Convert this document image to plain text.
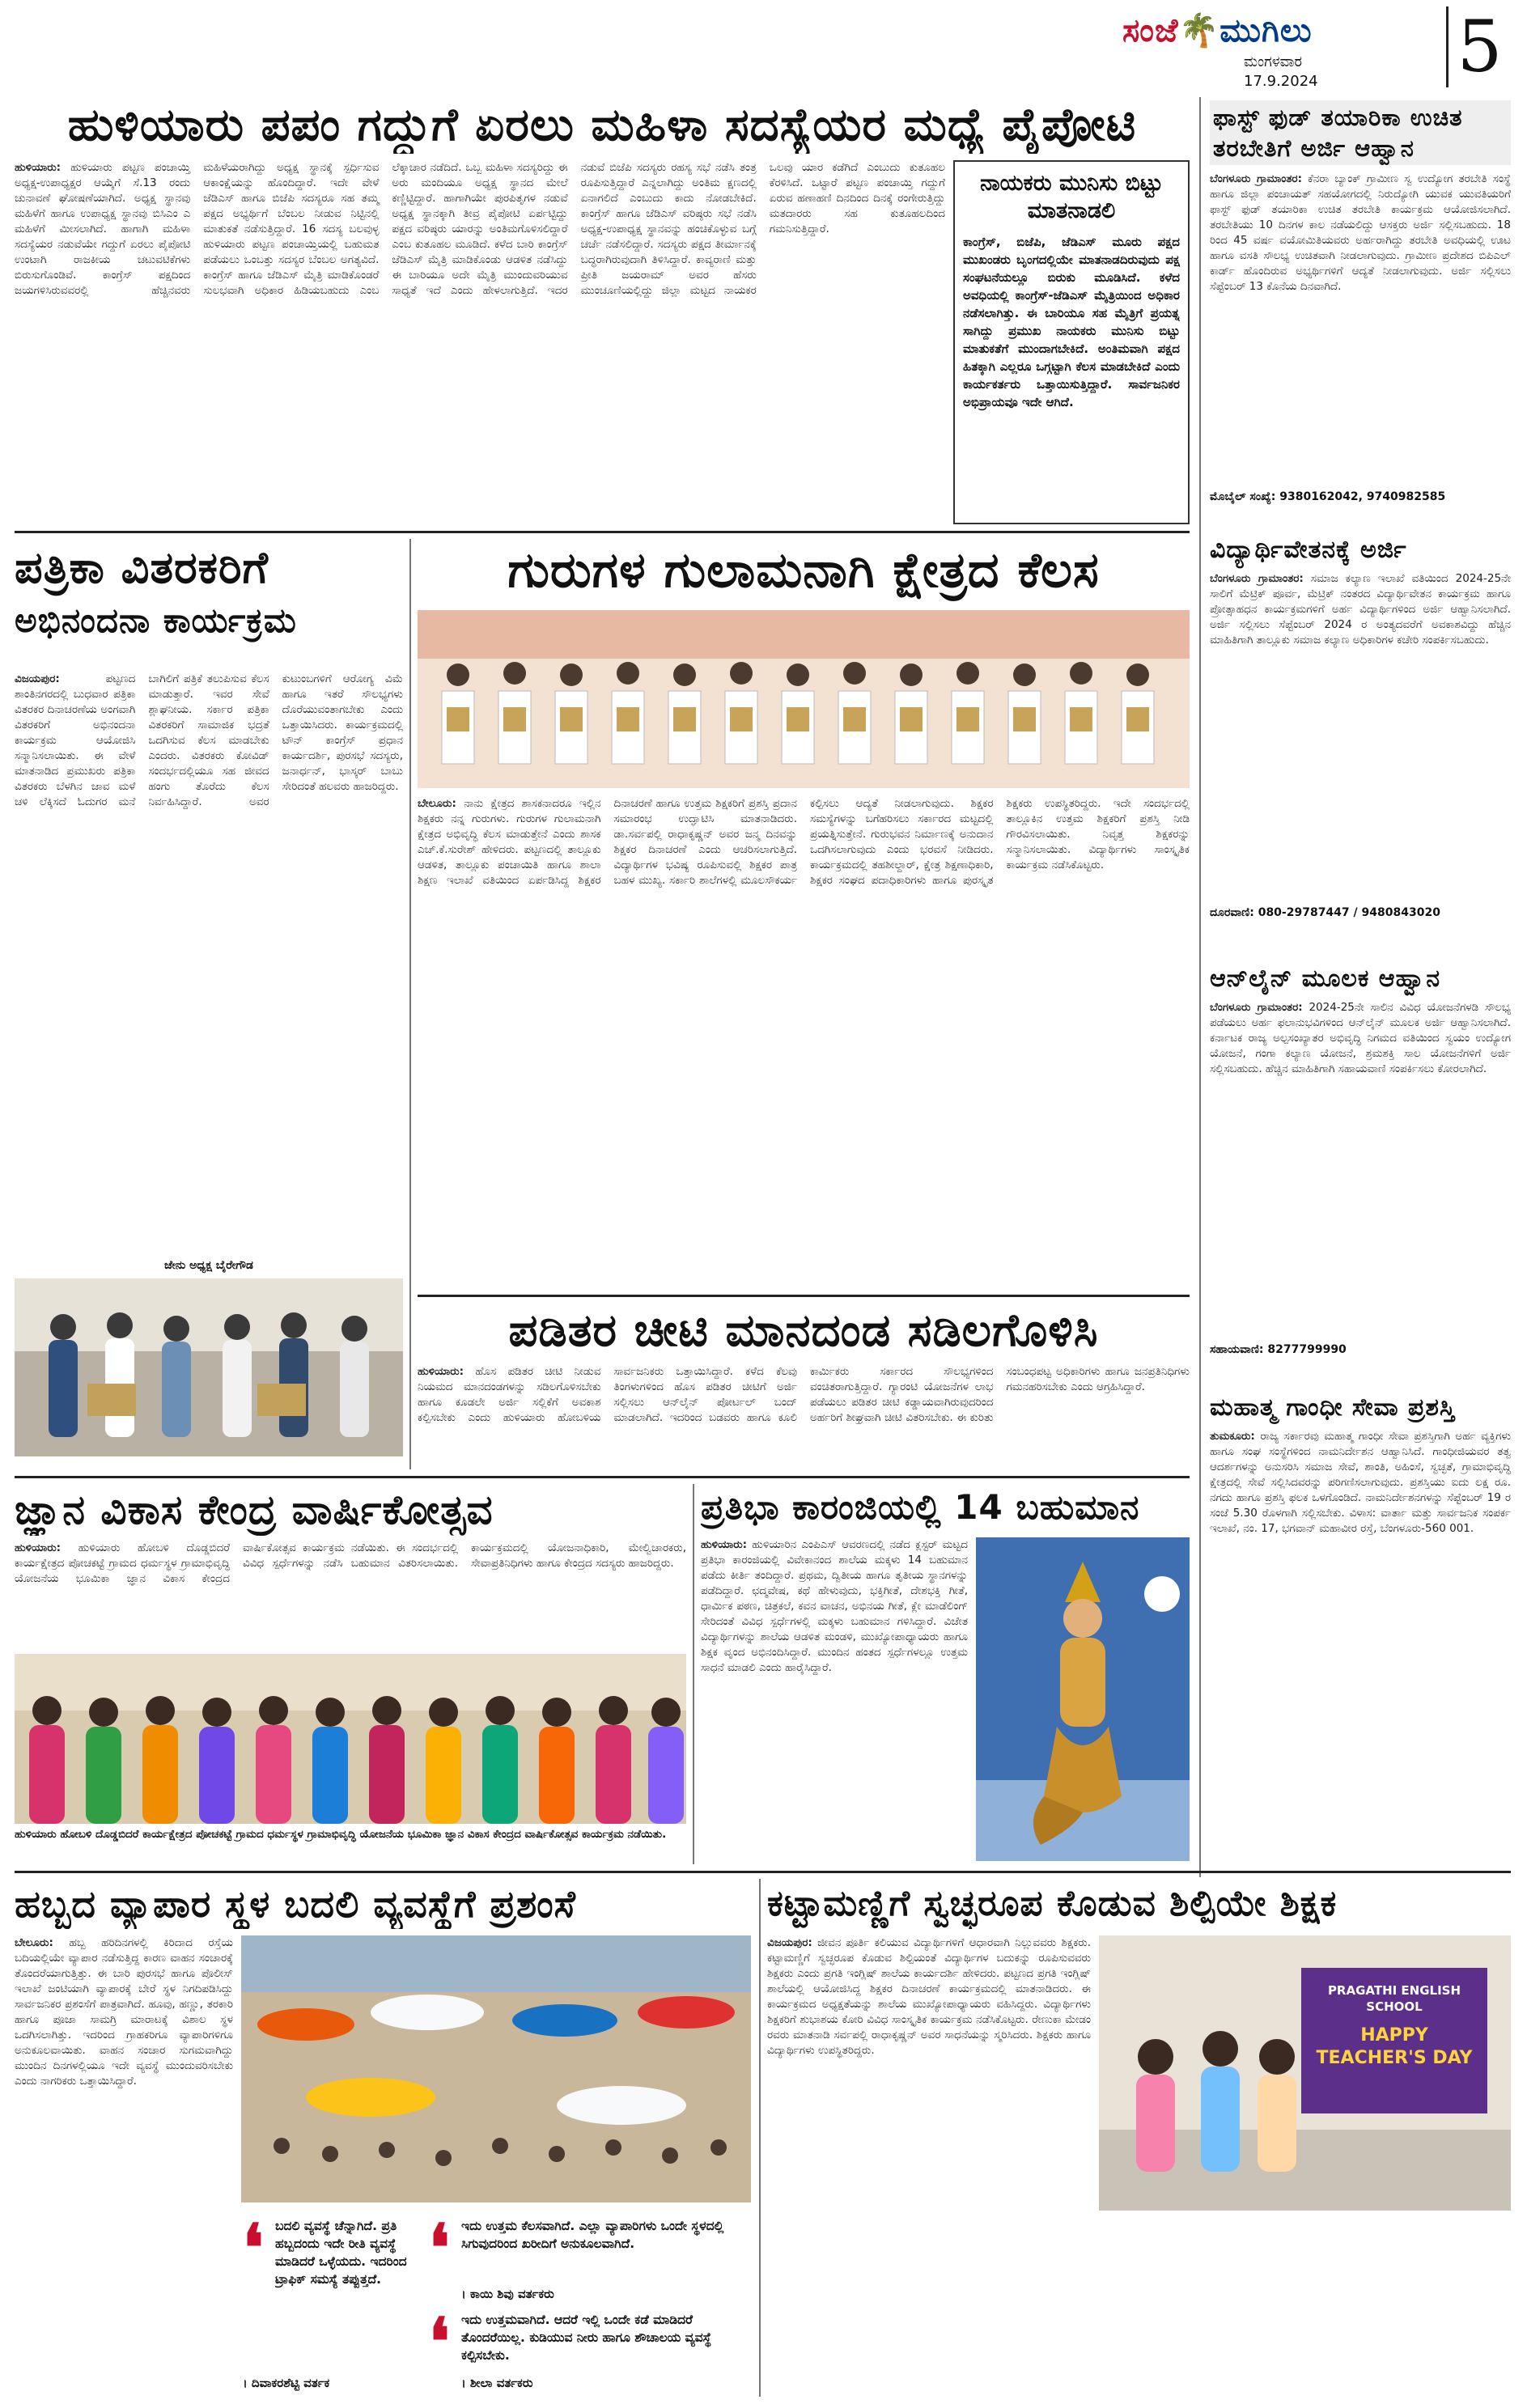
ಸಂಜೆ🌴ಮುಗಿಲು
ಮಂಗಳವಾರ
17.9.2024 5
ಹುಳಿಯಾರು ಪಪಂ ಗದ್ದುಗೆ ಏರಲು ಮಹಿಳಾ ಸದಸ್ಯೆಯರ ಮಧ್ಯೆ ಪೈಪೋಟಿ
ಹುಳಿಯಾರು: ಹುಳಿಯಾರು ಪಟ್ಟಣ ಪಂಚಾಯ್ತಿ ಅಧ್ಯಕ್ಷ-ಉಪಾಧ್ಯಕ್ಷರ ಆಯ್ಕೆಗೆ ಸೆ.13 ರಂದು ಚುನಾವಣೆ ಘೋಷಣೆಯಾಗಿದೆ. ಅಧ್ಯಕ್ಷ ಸ್ಥಾನವು ಮಹಿಳೆಗೆ ಹಾಗೂ ಉಪಾಧ್ಯಕ್ಷ ಸ್ಥಾನವು ಬಿಸಿಎಂ ಎ ಮಹಿಳೆಗೆ ಮೀಸಲಾಗಿದೆ. ಹಾಗಾಗಿ ಮಹಿಳಾ ಸದಸ್ಯೆಯರ ನಡುವೆಯೇ ಗದ್ದುಗೆ ಏರಲು ಪೈಪೋಟಿ ಉಂಟಾಗಿ ರಾಜಕೀಯ ಚಟುವಟಿಕೆಗಳು ಬಿರುಸುಗೊಂಡಿವೆ. ಕಾಂಗ್ರೆಸ್ ಪಕ್ಷದಿಂದ ಜಯಗಳಿಸಿರುವವರಲ್ಲಿ ಹೆಚ್ಚಿನವರು ಮಹಿಳೆಯರಾಗಿದ್ದು ಅಧ್ಯಕ್ಷ ಸ್ಥಾನಕ್ಕೆ ಸ್ಪರ್ಧಿಸುವ ಆಕಾಂಕ್ಷೆಯನ್ನು ಹೊಂದಿದ್ದಾರೆ. ಇದೇ ವೇಳೆ ಜೆಡಿಎಸ್ ಹಾಗೂ ಬಿಜೆಪಿ ಸದಸ್ಯರೂ ಸಹ ತಮ್ಮ ಪಕ್ಷದ ಅಭ್ಯರ್ಥಿಗೆ ಬೆಂಬಲ ನೀಡುವ ನಿಟ್ಟಿನಲ್ಲಿ ಮಾತುಕತೆ ನಡೆಸುತ್ತಿದ್ದಾರೆ. 16 ಸದಸ್ಯ ಬಲವುಳ್ಳ ಹುಳಿಯಾರು ಪಟ್ಟಣ ಪಂಚಾಯ್ತಿಯಲ್ಲಿ ಬಹುಮತ ಪಡೆಯಲು ಒಂಬತ್ತು ಸದಸ್ಯರ ಬೆಂಬಲ ಅಗತ್ಯವಿದೆ. ಕಾಂಗ್ರೆಸ್ ಹಾಗೂ ಜೆಡಿಎಸ್ ಮೈತ್ರಿ ಮಾಡಿಕೊಂಡರೆ ಸುಲಭವಾಗಿ ಅಧಿಕಾರ ಹಿಡಿಯಬಹುದು ಎಂಬ ಲೆಕ್ಕಾಚಾರ ನಡೆದಿದೆ. ಒಬ್ಬ ಮಹಿಳಾ ಸದಸ್ಯರಿದ್ದು ಈ ಅರು ಮಂದಿಯೂ ಅಧ್ಯಕ್ಷ ಸ್ಥಾನದ ಮೇಲೆ ಕಣ್ಣಿಟ್ಟಿದ್ದಾರೆ. ಹಾಗಾಗಿಯೇ ಪುರಪಿತೃಗಳ ನಡುವೆ ಅಧ್ಯಕ್ಷ ಸ್ಥಾನಕ್ಕಾಗಿ ತೀವ್ರ ಪೈಪೋಟಿ ಏರ್ಪಟ್ಟಿದ್ದು ಪಕ್ಷದ ವರಿಷ್ಠರು ಯಾರನ್ನು ಅಂತಿಮಗೊಳಿಸಲಿದ್ದಾರೆ ಎಂಬ ಕುತೂಹಲ ಮೂಡಿದೆ. ಕಳೆದ ಬಾರಿ ಕಾಂಗ್ರೆಸ್ ಜೆಡಿಎಸ್ ಮೈತ್ರಿ ಮಾಡಿಕೊಂಡು ಆಡಳಿತ ನಡೆಸಿದ್ದು ಈ ಬಾರಿಯೂ ಅದೇ ಮೈತ್ರಿ ಮುಂದುವರಿಯುವ ಸಾಧ್ಯತೆ ಇದೆ ಎಂದು ಹೇಳಲಾಗುತ್ತಿದೆ. ಇದರ ನಡುವೆ ಬಿಜೆಪಿ ಸದಸ್ಯರು ರಹಸ್ಯ ಸಭೆ ನಡೆಸಿ ತಂತ್ರ ರೂಪಿಸುತ್ತಿದ್ದಾರೆ ಎನ್ನಲಾಗಿದ್ದು ಅಂತಿಮ ಕ್ಷಣದಲ್ಲಿ ಏನಾಗಲಿದೆ ಎಂಬುದು ಕಾದು ನೋಡಬೇಕಿದೆ. ಕಾಂಗ್ರೆಸ್ ಹಾಗೂ ಜೆಡಿಎಸ್ ವರಿಷ್ಠರು ಸಭೆ ನಡೆಸಿ ಅಧ್ಯಕ್ಷ-ಉಪಾಧ್ಯಕ್ಷ ಸ್ಥಾನವನ್ನು ಹಂಚಿಕೊಳ್ಳುವ ಬಗ್ಗೆ ಚರ್ಚೆ ನಡೆಸಲಿದ್ದಾರೆ. ಸದಸ್ಯರು ಪಕ್ಷದ ತೀರ್ಮಾನಕ್ಕೆ ಬದ್ಧರಾಗಿರುವುದಾಗಿ ತಿಳಿಸಿದ್ದಾರೆ. ಕಾವ್ಯರಾಣಿ ಮತ್ತು ಪ್ರೀತಿ ಜಯರಾಮ್ ಅವರ ಹೆಸರು ಮುಂಚೂಣಿಯಲ್ಲಿದ್ದು ಜಿಲ್ಲಾ ಮಟ್ಟದ ನಾಯಕರ ಒಲವು ಯಾರ ಕಡೆಗಿದೆ ಎಂಬುದು ಕುತೂಹಲ ಕೆರಳಿಸಿದೆ. ಒಟ್ಟಾರೆ ಪಟ್ಟಣ ಪಂಚಾಯ್ತಿ ಗದ್ದುಗೆ ಏರುವ ಹಣಾಹಣಿ ದಿನದಿಂದ ದಿನಕ್ಕೆ ರಂಗೇರುತ್ತಿದ್ದು ಮತದಾರರು ಸಹ ಕುತೂಹಲದಿಂದ ಗಮನಿಸುತ್ತಿದ್ದಾರೆ.
ನಾಯಕರು ಮುನಿಸು ಬಿಟ್ಟು ಮಾತನಾಡಲಿ
ಕಾಂಗ್ರೆಸ್, ಬಿಜೆಪಿ, ಜೆಡಿಎಸ್ ಮೂರು ಪಕ್ಷದ ಮುಖಂಡರು ಬೃಂಗದಲ್ಲಿಯೇ ಮಾತನಾಡದಿರುವುದು ಪಕ್ಷ ಸಂಘಟನೆಯಲ್ಲೂ ಬಿರುಕು ಮೂಡಿಸಿದೆ. ಕಳೆದ ಅವಧಿಯಲ್ಲಿ ಕಾಂಗ್ರೆಸ್-ಜೆಡಿಎಸ್ ಮೈತ್ರಿಯಿಂದ ಅಧಿಕಾರ ನಡೆಸಲಾಗಿತ್ತು. ಈ ಬಾರಿಯೂ ಸಹ ಮೈತ್ರಿಗೆ ಪ್ರಯತ್ನ ಸಾಗಿದ್ದು ಪ್ರಮುಖ ನಾಯಕರು ಮುನಿಸು ಬಿಟ್ಟು ಮಾತುಕತೆಗೆ ಮುಂದಾಗಬೇಕಿದೆ. ಅಂತಿಮವಾಗಿ ಪಕ್ಷದ ಹಿತಕ್ಕಾಗಿ ಎಲ್ಲರೂ ಒಗ್ಗಟ್ಟಾಗಿ ಕೆಲಸ ಮಾಡಬೇಕಿದೆ ಎಂದು ಕಾರ್ಯಕರ್ತರು ಒತ್ತಾಯಿಸುತ್ತಿದ್ದಾರೆ. ಸಾರ್ವಜನಿಕರ ಅಭಿಪ್ರಾಯವೂ ಇದೇ ಆಗಿದೆ.
ಫಾಸ್ಟ್ ಫುಡ್ ತಯಾರಿಕಾ ಉಚಿತ ತರಬೇತಿಗೆ ಅರ್ಜಿ ಆಹ್ವಾನ
ಬೆಂಗಳೂರು ಗ್ರಾಮಾಂತರ: ಕೆನರಾ ಬ್ಯಾಂಕ್ ಗ್ರಾಮೀಣ ಸ್ವ ಉದ್ಯೋಗ ತರಬೇತಿ ಸಂಸ್ಥೆ ಹಾಗೂ ಜಿಲ್ಲಾ ಪಂಚಾಯತ್ ಸಹಯೋಗದಲ್ಲಿ ನಿರುದ್ಯೋಗಿ ಯುವಕ ಯುವತಿಯರಿಗೆ ಫಾಸ್ಟ್ ಫುಡ್ ತಯಾರಿಕಾ ಉಚಿತ ತರಬೇತಿ ಕಾರ್ಯಕ್ರಮ ಆಯೋಜಿಸಲಾಗಿದೆ. ತರಬೇತಿಯು 10 ದಿನಗಳ ಕಾಲ ನಡೆಯಲಿದ್ದು ಆಸಕ್ತರು ಅರ್ಜಿ ಸಲ್ಲಿಸಬಹುದು. 18 ರಿಂದ 45 ವರ್ಷ ವಯೋಮಿತಿಯವರು ಅರ್ಹರಾಗಿದ್ದು ತರಬೇತಿ ಅವಧಿಯಲ್ಲಿ ಊಟ ಹಾಗೂ ವಸತಿ ಸೌಲಭ್ಯ ಉಚಿತವಾಗಿ ನೀಡಲಾಗುವುದು. ಗ್ರಾಮೀಣ ಪ್ರದೇಶದ ಬಿಪಿಎಲ್ ಕಾರ್ಡ್ ಹೊಂದಿರುವ ಅಭ್ಯರ್ಥಿಗಳಿಗೆ ಆದ್ಯತೆ ನೀಡಲಾಗುವುದು. ಅರ್ಜಿ ಸಲ್ಲಿಸಲು ಸೆಪ್ಟೆಂಬರ್ 13 ಕೊನೆಯ ದಿನವಾಗಿದೆ.
ಮೊಬೈಲ್ ಸಂಖ್ಯೆ: 9380162042, 9740982585
ವಿದ್ಯಾರ್ಥಿವೇತನಕ್ಕೆ ಅರ್ಜಿ
ಬೆಂಗಳೂರು ಗ್ರಾಮಾಂತರ: ಸಮಾಜ ಕಲ್ಯಾಣ ಇಲಾಖೆ ವತಿಯಿಂದ 2024-25ನೇ ಸಾಲಿಗೆ ಮೆಟ್ರಿಕ್ ಪೂರ್ವ, ಮೆಟ್ರಿಕ್ ನಂತರದ ವಿದ್ಯಾರ್ಥಿವೇತನ ಕಾರ್ಯಕ್ರಮ ಹಾಗೂ ಪ್ರೋತ್ಸಾಹಧನ ಕಾರ್ಯಕ್ರಮಗಳಿಗೆ ಅರ್ಹ ವಿದ್ಯಾರ್ಥಿಗಳಿಂದ ಅರ್ಜಿ ಆಹ್ವಾನಿಸಲಾಗಿದೆ. ಅರ್ಜಿ ಸಲ್ಲಿಸಲು ಸೆಪ್ಟೆಂಬರ್ 2024 ರ ಅಂತ್ಯದವರೆಗೆ ಅವಕಾಶವಿದ್ದು ಹೆಚ್ಚಿನ ಮಾಹಿತಿಗಾಗಿ ತಾಲ್ಲೂಕು ಸಮಾಜ ಕಲ್ಯಾಣ ಅಧಿಕಾರಿಗಳ ಕಚೇರಿ ಸಂಪರ್ಕಿಸಬಹುದು.
ದೂರವಾಣಿ: 080-29787447 / 9480843020
ಆನ್‌ಲೈನ್ ಮೂಲಕ ಆಹ್ವಾನ
ಬೆಂಗಳೂರು ಗ್ರಾಮಾಂತರ: 2024-25ನೇ ಸಾಲಿನ ವಿವಿಧ ಯೋಜನೆಗಳಡಿ ಸೌಲಭ್ಯ ಪಡೆಯಲು ಅರ್ಹ ಫಲಾನುಭವಿಗಳಿಂದ ಆನ್‌ಲೈನ್ ಮೂಲಕ ಅರ್ಜಿ ಆಹ್ವಾನಿಸಲಾಗಿದೆ. ಕರ್ನಾಟಕ ರಾಜ್ಯ ಅಲ್ಪಸಂಖ್ಯಾತರ ಅಭಿವೃದ್ಧಿ ನಿಗಮದ ವತಿಯಿಂದ ಸ್ವಯಂ ಉದ್ಯೋಗ ಯೋಜನೆ, ಗಂಗಾ ಕಲ್ಯಾಣ ಯೋಜನೆ, ಶ್ರಮಶಕ್ತಿ ಸಾಲ ಯೋಜನೆಗಳಿಗೆ ಅರ್ಜಿ ಸಲ್ಲಿಸಬಹುದು. ಹೆಚ್ಚಿನ ಮಾಹಿತಿಗಾಗಿ ಸಹಾಯವಾಣಿ ಸಂಪರ್ಕಿಸಲು ಕೋರಲಾಗಿದೆ.
ಸಹಾಯವಾಣಿ: 8277799990
ಮಹಾತ್ಮ ಗಾಂಧೀ ಸೇವಾ ಪ್ರಶಸ್ತಿ
ತುಮಕೂರು: ರಾಜ್ಯ ಸರ್ಕಾರವು ಮಹಾತ್ಮ ಗಾಂಧೀ ಸೇವಾ ಪ್ರಶಸ್ತಿಗಾಗಿ ಅರ್ಹ ವ್ಯಕ್ತಿಗಳು ಹಾಗೂ ಸಂಘ ಸಂಸ್ಥೆಗಳಿಂದ ನಾಮನಿರ್ದೇಶನ ಆಹ್ವಾನಿಸಿದೆ. ಗಾಂಧೀಜಿಯವರ ತತ್ವ ಆದರ್ಶಗಳನ್ನು ಅನುಸರಿಸಿ ಸಮಾಜ ಸೇವೆ, ಶಾಂತಿ, ಅಹಿಂಸೆ, ಸ್ವಚ್ಛತೆ, ಗ್ರಾಮಾಭಿವೃದ್ಧಿ ಕ್ಷೇತ್ರದಲ್ಲಿ ಸೇವೆ ಸಲ್ಲಿಸಿದವರನ್ನು ಪರಿಗಣಿಸಲಾಗುವುದು. ಪ್ರಶಸ್ತಿಯು ಐದು ಲಕ್ಷ ರೂ. ನಗದು ಹಾಗೂ ಪ್ರಶಸ್ತಿ ಫಲಕ ಒಳಗೊಂಡಿದೆ. ನಾಮನಿರ್ದೇಶನಗಳನ್ನು ಸೆಪ್ಟೆಂಬರ್ 19 ರ ಸಂಜೆ 5.30 ರೊಳಗಾಗಿ ಸಲ್ಲಿಸಬೇಕು. ವಿಳಾಸ: ವಾರ್ತಾ ಮತ್ತು ಸಾರ್ವಜನಿಕ ಸಂಪರ್ಕ ಇಲಾಖೆ, ನಂ. 17, ಭಗವಾನ್ ಮಹಾವೀರ ರಸ್ತೆ, ಬೆಂಗಳೂರು-560 001.
ಪತ್ರಿಕಾ ವಿತರಕರಿಗೆ
ಅಭಿನಂದನಾ ಕಾರ್ಯಕ್ರಮ
ವಿಜಯಪುರ:	ಪಟ್ಟಣದ ಶಾಂತಿನಗರದಲ್ಲಿ ಬುಧವಾರ ಪತ್ರಿಕಾ ವಿತರಕರ ದಿನಾಚರಣೆಯ ಅಂಗವಾಗಿ ವಿತರಕರಿಗೆ ಅಭಿನಂದನಾ ಕಾರ್ಯಕ್ರಮ ಆಯೋಜಿಸಿ ಸನ್ಮಾನಿಸಲಾಯಿತು. ಈ ವೇಳೆ ಮಾತನಾಡಿದ ಪ್ರಮುಖರು ಪತ್ರಿಕಾ ವಿತರಕರು ಬೆಳಗಿನ ಜಾವ ಮಳೆ ಚಳಿ ಲೆಕ್ಕಿಸದೆ ಓದುಗರ ಮನೆ ಬಾಗಿಲಿಗೆ ಪತ್ರಿಕೆ ತಲುಪಿಸುವ ಕೆಲಸ ಮಾಡುತ್ತಾರೆ. ಇವರ ಸೇವೆ ಶ್ಲಾಘನೀಯ. ಸರ್ಕಾರ ಪತ್ರಿಕಾ ವಿತರಕರಿಗೆ ಸಾಮಾಜಿಕ ಭದ್ರತೆ ಒದಗಿಸುವ ಕೆಲಸ ಮಾಡಬೇಕು ಎಂದರು. ವಿತರಕರು ಕೋವಿಡ್ ಸಂದರ್ಭದಲ್ಲಿಯೂ ಸಹ ಜೀವದ ಹಂಗು ತೊರೆದು ಕೆಲಸ ನಿರ್ವಹಿಸಿದ್ದಾರೆ. ಅವರ ಕುಟುಂಬಗಳಿಗೆ ಆರೋಗ್ಯ ವಿಮೆ ಹಾಗೂ ಇತರೆ ಸೌಲಭ್ಯಗಳು ದೊರೆಯುವಂತಾಗಬೇಕು ಎಂದು ಒತ್ತಾಯಿಸಿದರು. ಕಾರ್ಯಕ್ರಮದಲ್ಲಿ ಟೌನ್ ಕಾಂಗ್ರೆಸ್ ಪ್ರಧಾನ ಕಾರ್ಯದರ್ಶಿ, ಪುರಸಭೆ ಸದಸ್ಯರು, ಜನಾರ್ಧನ್, ಭಾಸ್ಕರ್ ಬಾಬು ಸೇರಿದಂತೆ ಹಲವರು ಹಾಜರಿದ್ದರು.
ಜೇನು ಅಧ್ಯಕ್ಷ ಬೈರೇಗೌಡ
ಗುರುಗಳ ಗುಲಾಮನಾಗಿ ಕ್ಷೇತ್ರದ ಕೆಲಸ
ಬೇಲೂರು: ನಾನು ಕ್ಷೇತ್ರದ ಶಾಸಕನಾದರೂ ಇಲ್ಲಿನ ಶಿಕ್ಷಕರು ನನ್ನ ಗುರುಗಳು. ಗುರುಗಳ ಗುಲಾಮನಾಗಿ ಕ್ಷೇತ್ರದ ಅಭಿವೃದ್ಧಿ ಕೆಲಸ ಮಾಡುತ್ತೇನೆ ಎಂದು ಶಾಸಕ ಎಚ್.ಕೆ.ಸುರೇಶ್ ಹೇಳಿದರು. ಪಟ್ಟಣದಲ್ಲಿ ತಾಲ್ಲೂಕು ಆಡಳಿತ, ತಾಲ್ಲೂಕು ಪಂಚಾಯಿತಿ ಹಾಗೂ ಶಾಲಾ ಶಿಕ್ಷಣ ಇಲಾಖೆ ವತಿಯಿಂದ ಏರ್ಪಡಿಸಿದ್ದ ಶಿಕ್ಷಕರ ದಿನಾಚರಣೆ ಹಾಗೂ ಉತ್ತಮ ಶಿಕ್ಷಕರಿಗೆ ಪ್ರಶಸ್ತಿ ಪ್ರದಾನ ಸಮಾರಂಭ ಉದ್ಘಾಟಿಸಿ ಮಾತನಾಡಿದರು. ಡಾ.ಸರ್ವಪಲ್ಲಿ ರಾಧಾಕೃಷ್ಣನ್ ಅವರ ಜನ್ಮ ದಿನವನ್ನು ಶಿಕ್ಷಕರ ದಿನಾಚರಣೆ ಎಂದು ಆಚರಿಸಲಾಗುತ್ತಿದೆ. ವಿದ್ಯಾರ್ಥಿಗಳ ಭವಿಷ್ಯ ರೂಪಿಸುವಲ್ಲಿ ಶಿಕ್ಷಕರ ಪಾತ್ರ ಬಹಳ ಮುಖ್ಯ. ಸರ್ಕಾರಿ ಶಾಲೆಗಳಲ್ಲಿ ಮೂಲಸೌಕರ್ಯ ಕಲ್ಪಿಸಲು ಆದ್ಯತೆ ನೀಡಲಾಗುವುದು. ಶಿಕ್ಷಕರ ಸಮಸ್ಯೆಗಳನ್ನು ಬಗೆಹರಿಸಲು ಸರ್ಕಾರದ ಮಟ್ಟದಲ್ಲಿ ಪ್ರಯತ್ನಿಸುತ್ತೇನೆ. ಗುರುಭವನ ನಿರ್ಮಾಣಕ್ಕೆ ಅನುದಾನ ಒದಗಿಸಲಾಗುವುದು ಎಂದು ಭರವಸೆ ನೀಡಿದರು. ಕಾರ್ಯಕ್ರಮದಲ್ಲಿ ತಹಶೀಲ್ದಾರ್, ಕ್ಷೇತ್ರ ಶಿಕ್ಷಣಾಧಿಕಾರಿ, ಶಿಕ್ಷಕರ ಸಂಘದ ಪದಾಧಿಕಾರಿಗಳು ಹಾಗೂ ಪುರಸ್ಕೃತ ಶಿಕ್ಷಕರು ಉಪಸ್ಥಿತರಿದ್ದರು. ಇದೇ ಸಂದರ್ಭದಲ್ಲಿ ತಾಲ್ಲೂಕಿನ ಉತ್ತಮ ಶಿಕ್ಷಕರಿಗೆ ಪ್ರಶಸ್ತಿ ನೀಡಿ ಗೌರವಿಸಲಾಯಿತು. ನಿವೃತ್ತ ಶಿಕ್ಷಕರನ್ನು ಸನ್ಮಾನಿಸಲಾಯಿತು. ವಿದ್ಯಾರ್ಥಿಗಳು ಸಾಂಸ್ಕೃತಿಕ ಕಾರ್ಯಕ್ರಮ ನಡೆಸಿಕೊಟ್ಟರು.
ಪಡಿತರ ಚೀಟಿ ಮಾನದಂಡ ಸಡಿಲಗೊಳಿಸಿ
ಹುಳಿಯಾರು: ಹೊಸ ಪಡಿತರ ಚೀಟಿ ನೀಡುವ ನಿಯಮದ ಮಾನದಂಡಗಳನ್ನು ಸಡಿಲಗೊಳಿಸಬೇಕು ಹಾಗೂ ಕೂಡಲೇ ಅರ್ಜಿ ಸಲ್ಲಿಕೆಗೆ ಅವಕಾಶ ಕಲ್ಪಿಸಬೇಕು ಎಂದು ಹುಳಿಯಾರು ಹೋಬಳಿಯ ಸಾರ್ವಜನಿಕರು ಒತ್ತಾಯಿಸಿದ್ದಾರೆ. ಕಳೆದ ಕೆಲವು ತಿಂಗಳುಗಳಿಂದ ಹೊಸ ಪಡಿತರ ಚೀಟಿಗೆ ಅರ್ಜಿ ಸಲ್ಲಿಸಲು ಆನ್‌ಲೈನ್ ಪೋರ್ಟಲ್ ಬಂದ್ ಮಾಡಲಾಗಿದೆ. ಇದರಿಂದ ಬಡವರು ಹಾಗೂ ಕೂಲಿ ಕಾರ್ಮಿಕರು ಸರ್ಕಾರದ ಸೌಲಭ್ಯಗಳಿಂದ ವಂಚಿತರಾಗುತ್ತಿದ್ದಾರೆ. ಗ್ಯಾರಂಟಿ ಯೋಜನೆಗಳ ಲಾಭ ಪಡೆಯಲು ಪಡಿತರ ಚೀಟಿ ಕಡ್ಡಾಯವಾಗಿರುವುದರಿಂದ ಅರ್ಹರಿಗೆ ಶೀಘ್ರವಾಗಿ ಚೀಟಿ ವಿತರಿಸಬೇಕು. ಈ ಕುರಿತು ಸಂಬಂಧಪಟ್ಟ ಅಧಿಕಾರಿಗಳು ಹಾಗೂ ಜನಪ್ರತಿನಿಧಿಗಳು ಗಮನಹರಿಸಬೇಕು ಎಂದು ಆಗ್ರಹಿಸಿದ್ದಾರೆ.
ಜ್ಞಾನ ವಿಕಾಸ ಕೇಂದ್ರ ವಾರ್ಷಿಕೋತ್ಸವ
ಹುಳಿಯಾರು: ಹುಳಿಯಾರು ಹೋಬಳಿ ದೊಡ್ಡಬಿದರೆ ಕಾರ್ಯಕ್ಷೇತ್ರದ ಪೋಚಕಟ್ಟೆ ಗ್ರಾಮದ ಧರ್ಮಸ್ಥಳ ಗ್ರಾಮಾಭಿವೃದ್ಧಿ ಯೋಜನೆಯ ಭೂಮಿಕಾ ಜ್ಞಾನ ವಿಕಾಸ ಕೇಂದ್ರದ ವಾರ್ಷಿಕೋತ್ಸವ ಕಾರ್ಯಕ್ರಮ ನಡೆಯಿತು. ಈ ಸಂದರ್ಭದಲ್ಲಿ ವಿವಿಧ ಸ್ಪರ್ಧೆಗಳನ್ನು ನಡೆಸಿ ಬಹುಮಾನ ವಿತರಿಸಲಾಯಿತು. ಕಾರ್ಯಕ್ರಮದಲ್ಲಿ ಯೋಜನಾಧಿಕಾರಿ, ಮೇಲ್ವಿಚಾರಕರು, ಸೇವಾಪ್ರತಿನಿಧಿಗಳು ಹಾಗೂ ಕೇಂದ್ರದ ಸದಸ್ಯರು ಹಾಜರಿದ್ದರು.
ಹುಳಿಯಾರು ಹೋಬಳಿ ದೊಡ್ಡಬಿದರೆ ಕಾರ್ಯಕ್ಷೇತ್ರದ ಪೋಚಕಟ್ಟೆ ಗ್ರಾಮದ ಧರ್ಮಸ್ಥಳ ಗ್ರಾಮಾಭಿವೃದ್ಧಿ ಯೋಜನೆಯ ಭೂಮಿಕಾ ಜ್ಞಾನ ವಿಕಾಸ ಕೇಂದ್ರದ ವಾರ್ಷಿಕೋತ್ಸವ ಕಾರ್ಯಕ್ರಮ ನಡೆಯಿತು.
ಪ್ರತಿಭಾ ಕಾರಂಜಿಯಲ್ಲಿ 14 ಬಹುಮಾನ
ಹುಳಿಯಾರು: ಹುಳಿಯಾರಿನ ಎಂಪಿಎಸ್ ಆವರಣದಲ್ಲಿ ನಡೆದ ಕ್ಲಸ್ಟರ್ ಮಟ್ಟದ ಪ್ರತಿಭಾ ಕಾರಂಜಿಯಲ್ಲಿ ವಿವೇಕಾನಂದ ಶಾಲೆಯ ಮಕ್ಕಳು 14 ಬಹುಮಾನ ಪಡೆದು ಕೀರ್ತಿ ತಂದಿದ್ದಾರೆ. ಪ್ರಥಮ, ದ್ವಿತೀಯ ಹಾಗೂ ತೃತೀಯ ಸ್ಥಾನಗಳನ್ನು ಪಡೆದಿದ್ದಾರೆ. ಛದ್ಮವೇಷ, ಕಥೆ ಹೇಳುವುದು, ಭಕ್ತಿಗೀತೆ, ದೇಶಭಕ್ತಿ ಗೀತೆ, ಧಾರ್ಮಿಕ ಪಠಣ, ಚಿತ್ರಕಲೆ, ಕವನ ವಾಚನ, ಅಭಿನಯ ಗೀತೆ, ಕ್ಲೇ ಮಾಡೆಲಿಂಗ್ ಸೇರಿದಂತೆ ವಿವಿಧ ಸ್ಪರ್ಧೆಗಳಲ್ಲಿ ಮಕ್ಕಳು ಬಹುಮಾನ ಗಳಿಸಿದ್ದಾರೆ. ವಿಜೇತ ವಿದ್ಯಾರ್ಥಿಗಳನ್ನು ಶಾಲೆಯ ಆಡಳಿತ ಮಂಡಳಿ, ಮುಖ್ಯೋಪಾಧ್ಯಾಯರು ಹಾಗೂ ಶಿಕ್ಷಕ ವೃಂದ ಅಭಿನಂದಿಸಿದ್ದಾರೆ. ಮುಂದಿನ ಹಂತದ ಸ್ಪರ್ಧೆಗಳಲ್ಲೂ ಉತ್ತಮ ಸಾಧನೆ ಮಾಡಲಿ ಎಂದು ಹಾರೈಸಿದ್ದಾರೆ.
ಹಬ್ಬದ ವ್ಯಾಪಾರ ಸ್ಥಳ ಬದಲಿ ವ್ಯವಸ್ಥೆಗೆ ಪ್ರಶಂಸೆ
ಬೇಲೂರು: ಹಬ್ಬ ಹರಿದಿನಗಳಲ್ಲಿ ಕಿರಿದಾದ ರಸ್ತೆಯ ಬದಿಯಲ್ಲಿಯೇ ವ್ಯಾಪಾರ ನಡೆಸುತ್ತಿದ್ದ ಕಾರಣ ವಾಹನ ಸಂಚಾರಕ್ಕೆ ತೊಂದರೆಯಾಗುತ್ತಿತ್ತು. ಈ ಬಾರಿ ಪುರಸಭೆ ಹಾಗೂ ಪೊಲೀಸ್ ಇಲಾಖೆ ಜಂಟಿಯಾಗಿ ವ್ಯಾಪಾರಕ್ಕೆ ಬೇರೆ ಸ್ಥಳ ನಿಗದಿಪಡಿಸಿದ್ದು ಸಾರ್ವಜನಿಕರ ಪ್ರಶಂಸೆಗೆ ಪಾತ್ರವಾಗಿದೆ. ಹೂವು, ಹಣ್ಣು, ತರಕಾರಿ ಹಾಗೂ ಪೂಜಾ ಸಾಮಗ್ರಿ ಮಾರಾಟಕ್ಕೆ ವಿಶಾಲ ಸ್ಥಳ ಒದಗಿಸಲಾಗಿತ್ತು. ಇದರಿಂದ ಗ್ರಾಹಕರಿಗೂ ವ್ಯಾಪಾರಿಗಳಿಗೂ ಅನುಕೂಲವಾಯಿತು. ವಾಹನ ಸಂಚಾರ ಸುಗಮವಾಗಿದ್ದು ಮುಂದಿನ ದಿನಗಳಲ್ಲಿಯೂ ಇದೇ ವ್ಯವಸ್ಥೆ ಮುಂದುವರಿಸಬೇಕು ಎಂದು ನಾಗರಿಕರು ಒತ್ತಾಯಿಸಿದ್ದಾರೆ.
❛ ಬದಲಿ ವ್ಯವಸ್ಥೆ ಚೆನ್ನಾಗಿದೆ. ಪ್ರತಿ ಹಬ್ಬದಂದು ಇದೇ ರೀತಿ ವ್ಯವಸ್ಥೆ ಮಾಡಿದರೆ ಒಳ್ಳೆಯದು. ಇದರಿಂದ ಟ್ರಾಫಿಕ್ ಸಮಸ್ಯೆ ತಪ್ಪುತ್ತದೆ.
। ದಿವಾಕರಶೆಟ್ಟಿ ವರ್ತಕ
❛ ಇದು ಉತ್ತಮ ಕೆಲಸವಾಗಿದೆ. ಎಲ್ಲಾ ವ್ಯಾಪಾರಿಗಳು ಒಂದೇ ಸ್ಥಳದಲ್ಲಿ ಸಿಗುವುದರಿಂದ ಖರೀದಿಗೆ ಅನುಕೂಲವಾಗಿದೆ.
। ಕಾಯಿ ಶಿವು ವರ್ತಕರು
❛ ಇದು ಉತ್ತಮವಾಗಿದೆ. ಆದರೆ ಇಲ್ಲಿ ಒಂದೇ ಕಡೆ ಮಾಡಿದರೆ ತೊಂದರೆಯಿಲ್ಲ. ಕುಡಿಯುವ ನೀರು ಹಾಗೂ ಶೌಚಾಲಯ ವ್ಯವಸ್ಥೆ ಕಲ್ಪಿಸಬೇಕು.
। ಶೀಲಾ ವರ್ತಕರು
ಕಟ್ಟಾಮಣ್ಣಿಗೆ ಸ್ವಚ್ಛರೂಪ ಕೊಡುವ ಶಿಲ್ಪಿಯೇ ಶಿಕ್ಷಕ
ವಿಜಯಪುರ: ಜೀವನ ಪೂರ್ತಿ ಕಲಿಯುವ ವಿದ್ಯಾರ್ಥಿಗಳಿಗೆ ಆಧಾರವಾಗಿ ನಿಲ್ಲುವವರು ಶಿಕ್ಷಕರು. ಕಟ್ಟಾಮಣ್ಣಿಗೆ ಸ್ವಚ್ಛರೂಪ ಕೊಡುವ ಶಿಲ್ಪಿಯಂತೆ ವಿದ್ಯಾರ್ಥಿಗಳ ಬದುಕನ್ನು ರೂಪಿಸುವವರು ಶಿಕ್ಷಕರು ಎಂದು ಪ್ರಗತಿ ಇಂಗ್ಲಿಷ್ ಶಾಲೆಯ ಕಾರ್ಯದರ್ಶಿ ಹೇಳಿದರು. ಪಟ್ಟಣದ ಪ್ರಗತಿ ಇಂಗ್ಲಿಷ್ ಶಾಲೆಯಲ್ಲಿ ಆಯೋಜಿಸಿದ್ದ ಶಿಕ್ಷಕರ ದಿನಾಚರಣೆ ಕಾರ್ಯಕ್ರಮದಲ್ಲಿ ಮಾತನಾಡಿದರು. ಈ ಕಾರ್ಯಕ್ರಮದ ಅಧ್ಯಕ್ಷತೆಯನ್ನು ಶಾಲೆಯ ಮುಖ್ಯೋಪಾಧ್ಯಾಯರು ವಹಿಸಿದ್ದರು. ವಿದ್ಯಾರ್ಥಿಗಳು ಶಿಕ್ಷಕರಿಗೆ ಶುಭಾಶಯ ಕೋರಿ ವಿವಿಧ ಸಾಂಸ್ಕೃತಿಕ ಕಾರ್ಯಕ್ರಮ ನಡೆಸಿಕೊಟ್ಟರು. ರೇಣುಕಾ ಮೇಡಂ ರವರು ಮಾತನಾಡಿ ಸರ್ವಪಲ್ಲಿ ರಾಧಾಕೃಷ್ಣನ್ ಅವರ ಸಾಧನೆಯನ್ನು ಸ್ಮರಿಸಿದರು. ಶಿಕ್ಷಕರು ಹಾಗೂ ವಿದ್ಯಾರ್ಥಿಗಳು ಉಪಸ್ಥಿತರಿದ್ದರು.
PRAGATHI ENGLISH SCHOOL
HAPPY TEACHER'S DAY
